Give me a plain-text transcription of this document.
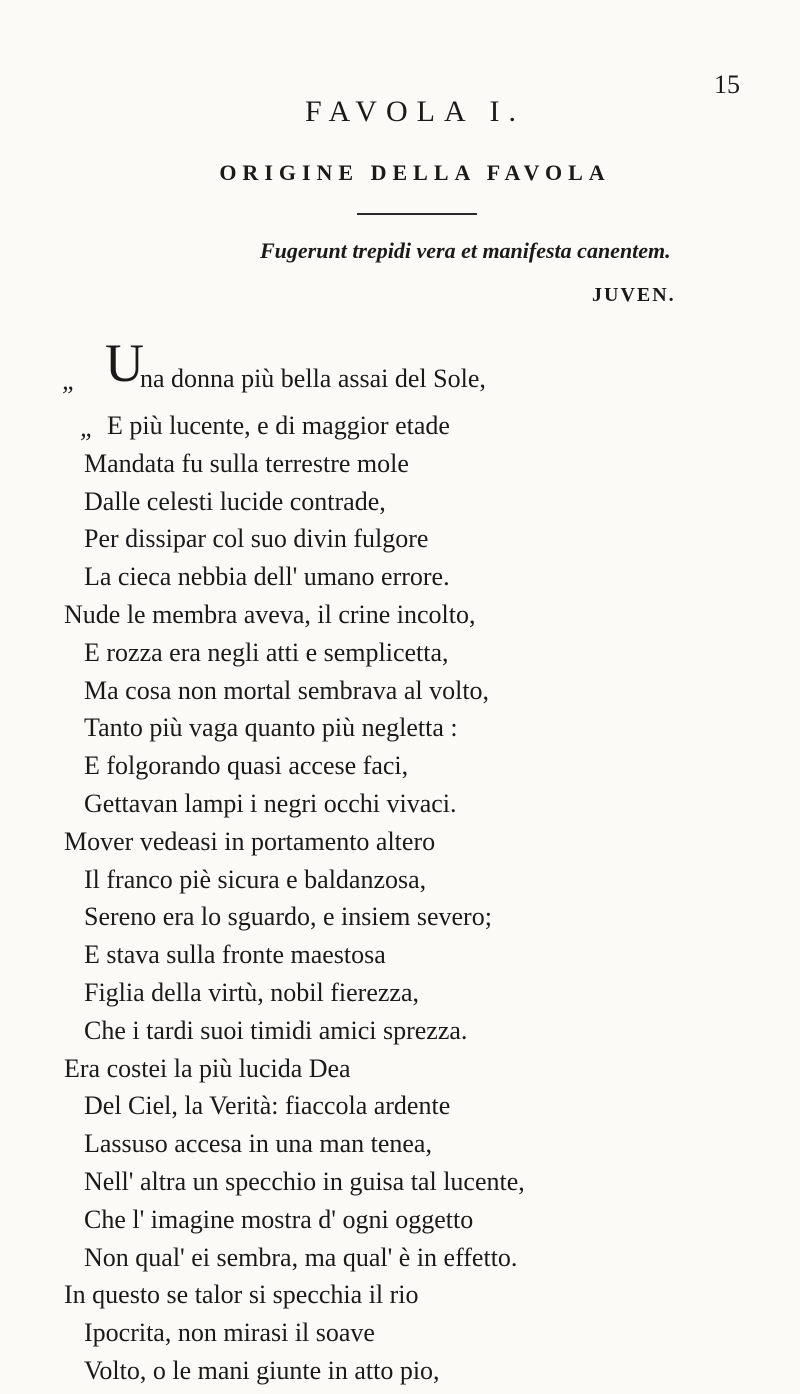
15
FAVOLA I.
ORIGINE DELLA FAVOLA
Fugerunt trepidi vera et manifesta canentem.
JUVEN.
„ U
na donna più bella assai del Sole,
„ E più lucente, e di maggior etade
Mandata fu sulla terrestre mole
Dalle celesti lucide contrade,
Per dissipar col suo divin fulgore
La cieca nebbia dell' umano errore.
Nude le membra aveva, il crine incolto,
E rozza era negli atti e semplicetta,
Ma cosa non mortal sembrava al volto,
Tanto più vaga quanto più negletta :
E folgorando quasi accese faci,
Gettavan lampi i negri occhi vivaci.
Mover vedeasi in portamento altero
Il franco piè sicura e baldanzosa,
Sereno era lo sguardo, e insiem severo;
E stava sulla fronte maestosa
Figlia della virtù, nobil fierezza,
Che i tardi suoi timidi amici sprezza.
Era costei la più lucida Dea
Del Ciel, la Verità: fiaccola ardente
Lassuso accesa in una man tenea,
Nell' altra un specchio in guisa tal lucente,
Che l' imagine mostra d' ogni oggetto
Non qual' ei sembra, ma qual' è in effetto.
In questo se talor si specchia il rio
Ipocrita, non mirasi il soave
Volto, o le mani giunte in atto pio,
